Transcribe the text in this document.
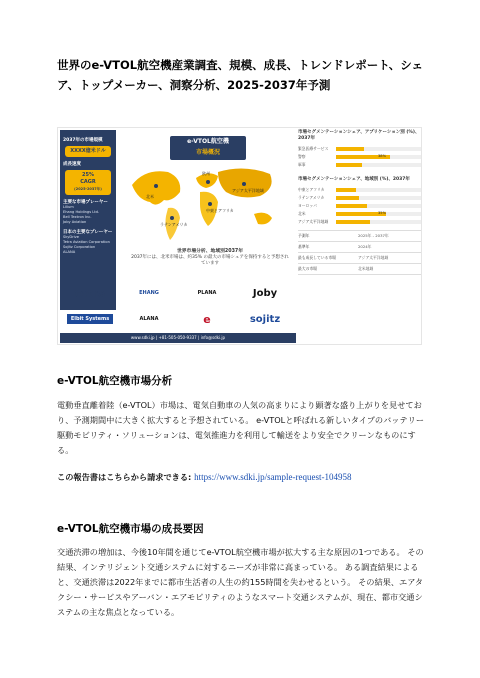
世界のe-VTOL航空機産業調査、規模、成長、トレンドレポート、シェア、トップメーカー、洞察分析、2025-2037年予測
2037年の市場規模
XXXX億米ドル
成長速度
25%
CAGR
(2025-2037年)
主要な市場プレーヤー
Lilium
Ehang Holdings Ltd.
Bell Textron Inc.
Joby Aviation
日本の主要なプレーヤー
SkyDrive
Tetra Aviation Corporation
Sojitz Corporation
ALANA
北米
欧州
アジア太平洋地域
中東とアフリカ
ラテンアメリカ
e-VTOL航空機
市場概況
世界市場分析、地域別2037年
2037年には、北米市場は、約35% の最大の市場シェアを保持すると予想されています
市場セグメンテーションシェア、アプリケーション別 (%)、2037年
緊急医療サービス
警察	38%
軍事
市場セグメンテーションシェア、地域別 (%)、2037年
中東とアフリカ
ラテンアメリカ
ヨーロッパ
北米	35%
アジア太平洋地域
予測年	2025年 - 2037年
基準年	2024年
最も成長している市場	アジア太平洋地域
最大の市場	北米地域
tetra	EHANG	PLANA	Joby
Elbit Systems	ALANA	e	sojitz
www.sdki.jp | +81-505-050-9337 | info@sdki.jp
e-VTOL航空機市場分析

電動垂直離着陸（e-VTOL）市場は、電気自動車の人気の高まりにより顕著な盛り上がりを見せており、予測期間中に大きく拡大すると予想されている。 e-VTOLと呼ばれる新しいタイプのバッテリー駆動モビリティ・ソリューションは、電気推進力を利用して輸送をより安全でクリーンなものにする。

この報告書はこちらから請求できる: https://www.sdki.jp/sample-request-104958
e-VTOL航空機市場の成長要因

交通渋滞の増加は、今後10年間を通じてe-VTOL航空機市場が拡大する主な原因の1つである。 その結果、インテリジェント交通システムに対するニーズが非常に高まっている。 ある調査結果によると、交通渋滞は2022年までに都市生活者の人生の約155時間を失わせるという。 その結果、エアタクシー・サービスやアーバン・エアモビリティのようなスマート交通システムが、現在、都市交通システムの主な焦点となっている。
